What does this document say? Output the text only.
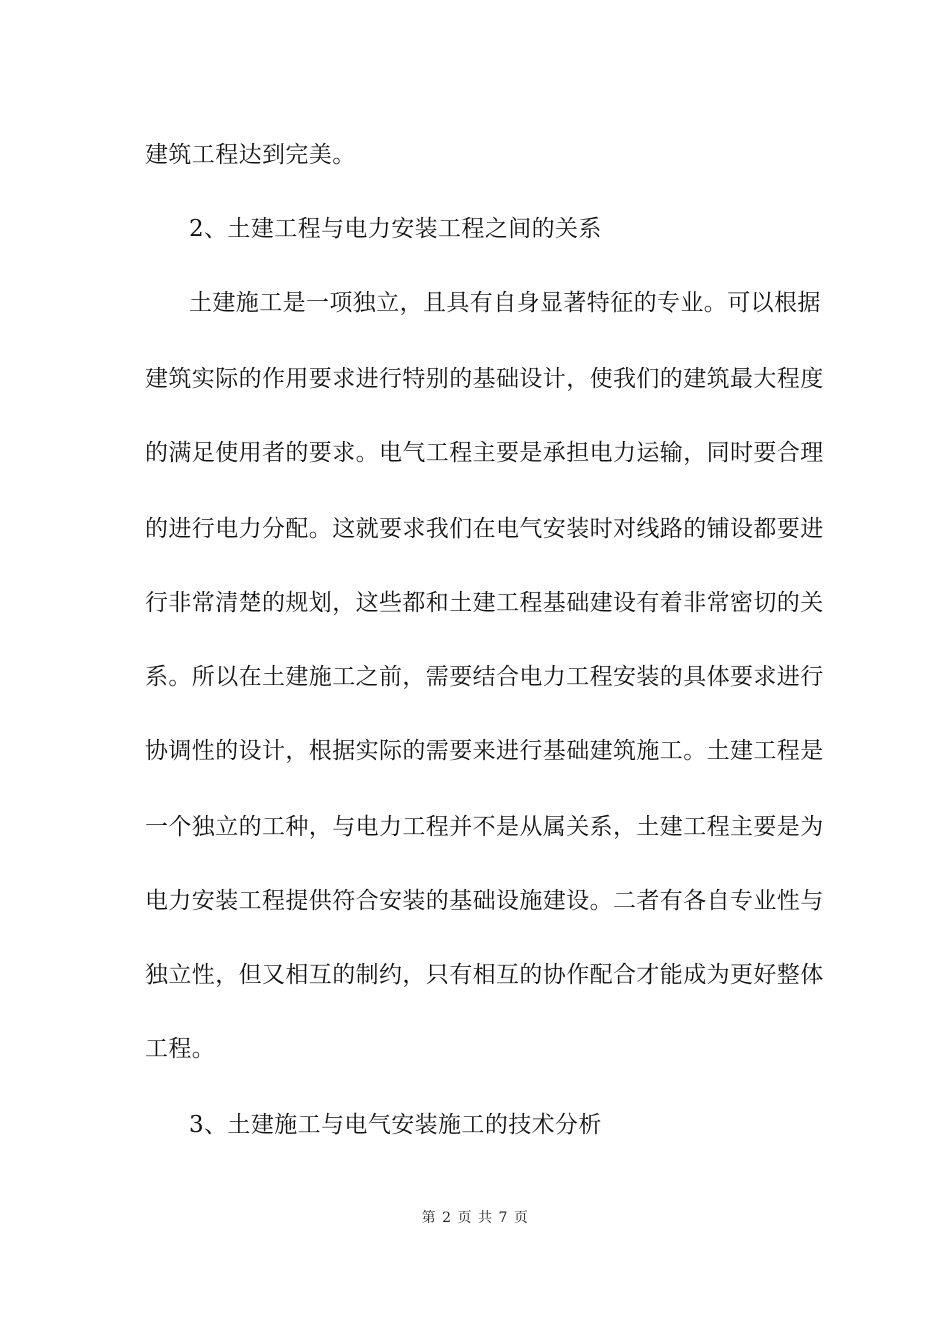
建筑工程达到完美。
2、土建工程与电力安装工程之间的关系
土建施工是一项独立，且具有自身显著特征的专业。可以根据
建筑实际的作用要求进行特别的基础设计，使我们的建筑最大程度
的满足使用者的要求。电气工程主要是承担电力运输，同时要合理
的进行电力分配。这就要求我们在电气安装时对线路的铺设都要进
行非常清楚的规划，这些都和土建工程基础建设有着非常密切的关
系。所以在土建施工之前，需要结合电力工程安装的具体要求进行
协调性的设计，根据实际的需要来进行基础建筑施工。土建工程是
一个独立的工种，与电力工程并不是从属关系，土建工程主要是为
电力安装工程提供符合安装的基础设施建设。二者有各自专业性与
独立性，但又相互的制约，只有相互的协作配合才能成为更好整体
工程。
3、土建施工与电气安装施工的技术分析
第 2 页 共 7 页
